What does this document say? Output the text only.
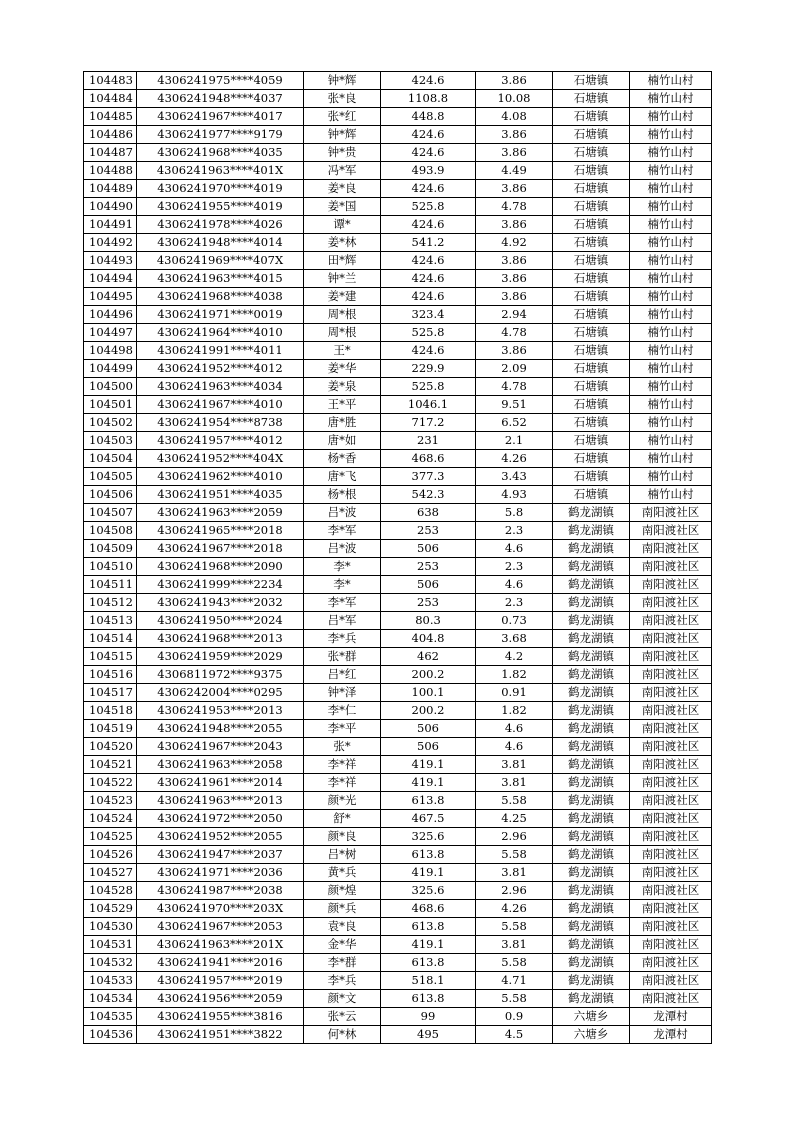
104483	4306241975****4059	钟*辉	424.6	3.86	石塘镇	楠竹山村
104484	4306241948****4037	张*良	1108.8	10.08	石塘镇	楠竹山村
104485	4306241967****4017	张*红	448.8	4.08	石塘镇	楠竹山村
104486	4306241977****9179	钟*辉	424.6	3.86	石塘镇	楠竹山村
104487	4306241968****4035	钟*贵	424.6	3.86	石塘镇	楠竹山村
104488	4306241963****401X	冯*军	493.9	4.49	石塘镇	楠竹山村
104489	4306241970****4019	姜*良	424.6	3.86	石塘镇	楠竹山村
104490	4306241955****4019	姜*国	525.8	4.78	石塘镇	楠竹山村
104491	4306241978****4026	谭*	424.6	3.86	石塘镇	楠竹山村
104492	4306241948****4014	姜*林	541.2	4.92	石塘镇	楠竹山村
104493	4306241969****407X	田*辉	424.6	3.86	石塘镇	楠竹山村
104494	4306241963****4015	钟*兰	424.6	3.86	石塘镇	楠竹山村
104495	4306241968****4038	姜*建	424.6	3.86	石塘镇	楠竹山村
104496	4306241971****0019	周*根	323.4	2.94	石塘镇	楠竹山村
104497	4306241964****4010	周*根	525.8	4.78	石塘镇	楠竹山村
104498	4306241991****4011	王*	424.6	3.86	石塘镇	楠竹山村
104499	4306241952****4012	姜*华	229.9	2.09	石塘镇	楠竹山村
104500	4306241963****4034	姜*泉	525.8	4.78	石塘镇	楠竹山村
104501	4306241967****4010	王*平	1046.1	9.51	石塘镇	楠竹山村
104502	4306241954****8738	唐*胜	717.2	6.52	石塘镇	楠竹山村
104503	4306241957****4012	唐*如	231	2.1	石塘镇	楠竹山村
104504	4306241952****404X	杨*香	468.6	4.26	石塘镇	楠竹山村
104505	4306241962****4010	唐*飞	377.3	3.43	石塘镇	楠竹山村
104506	4306241951****4035	杨*根	542.3	4.93	石塘镇	楠竹山村
104507	4306241963****2059	吕*波	638	5.8	鹤龙湖镇	南阳渡社区
104508	4306241965****2018	李*军	253	2.3	鹤龙湖镇	南阳渡社区
104509	4306241967****2018	吕*波	506	4.6	鹤龙湖镇	南阳渡社区
104510	4306241968****2090	李*	253	2.3	鹤龙湖镇	南阳渡社区
104511	4306241999****2234	李*	506	4.6	鹤龙湖镇	南阳渡社区
104512	4306241943****2032	李*军	253	2.3	鹤龙湖镇	南阳渡社区
104513	4306241950****2024	吕*军	80.3	0.73	鹤龙湖镇	南阳渡社区
104514	4306241968****2013	李*兵	404.8	3.68	鹤龙湖镇	南阳渡社区
104515	4306241959****2029	张*群	462	4.2	鹤龙湖镇	南阳渡社区
104516	4306811972****9375	吕*红	200.2	1.82	鹤龙湖镇	南阳渡社区
104517	4306242004****0295	钟*泽	100.1	0.91	鹤龙湖镇	南阳渡社区
104518	4306241953****2013	李*仁	200.2	1.82	鹤龙湖镇	南阳渡社区
104519	4306241948****2055	李*平	506	4.6	鹤龙湖镇	南阳渡社区
104520	4306241967****2043	张*	506	4.6	鹤龙湖镇	南阳渡社区
104521	4306241963****2058	李*祥	419.1	3.81	鹤龙湖镇	南阳渡社区
104522	4306241961****2014	李*祥	419.1	3.81	鹤龙湖镇	南阳渡社区
104523	4306241963****2013	颜*光	613.8	5.58	鹤龙湖镇	南阳渡社区
104524	4306241972****2050	舒*	467.5	4.25	鹤龙湖镇	南阳渡社区
104525	4306241952****2055	颜*良	325.6	2.96	鹤龙湖镇	南阳渡社区
104526	4306241947****2037	吕*树	613.8	5.58	鹤龙湖镇	南阳渡社区
104527	4306241971****2036	黄*兵	419.1	3.81	鹤龙湖镇	南阳渡社区
104528	4306241987****2038	颜*煌	325.6	2.96	鹤龙湖镇	南阳渡社区
104529	4306241970****203X	颜*兵	468.6	4.26	鹤龙湖镇	南阳渡社区
104530	4306241967****2053	袁*良	613.8	5.58	鹤龙湖镇	南阳渡社区
104531	4306241963****201X	金*华	419.1	3.81	鹤龙湖镇	南阳渡社区
104532	4306241941****2016	李*群	613.8	5.58	鹤龙湖镇	南阳渡社区
104533	4306241957****2019	李*兵	518.1	4.71	鹤龙湖镇	南阳渡社区
104534	4306241956****2059	颜*文	613.8	5.58	鹤龙湖镇	南阳渡社区
104535	4306241955****3816	张*云	99	0.9	六塘乡	龙潭村
104536	4306241951****3822	何*林	495	4.5	六塘乡	龙潭村
